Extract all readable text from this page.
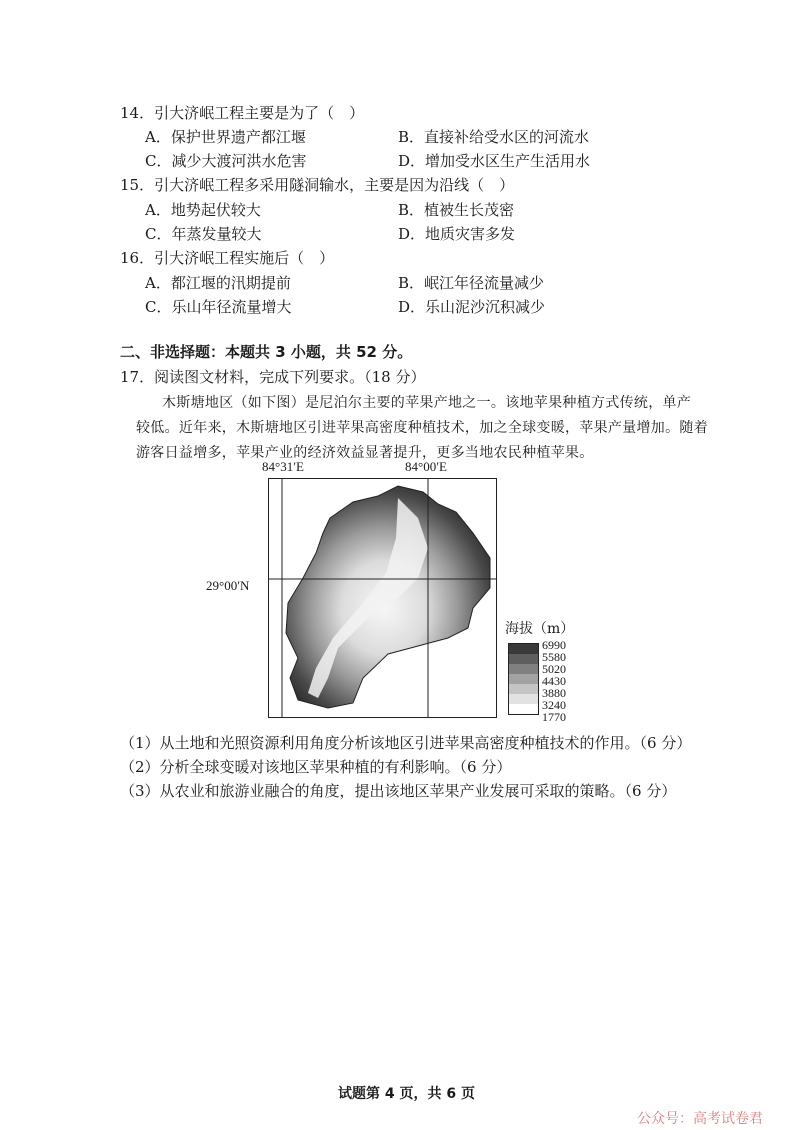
14．引大济岷工程主要是为了（　）
A．保护世界遗产都江堰	B．直接补给受水区的河流水
C．减少大渡河洪水危害	D．增加受水区生产生活用水
15．引大济岷工程多采用隧洞输水，主要是因为沿线（　）
A．地势起伏较大	B．植被生长茂密
C．年蒸发量较大	D．地质灾害多发
16．引大济岷工程实施后（　）
A．都江堰的汛期提前	B．岷江年径流量减少
C．乐山年径流量增大	D．乐山泥沙沉积减少
二、非选择题：本题共 3 小题，共 52 分。
17．阅读图文材料，完成下列要求。（18 分）
木斯塘地区（如下图）是尼泊尔主要的苹果产地之一。该地苹果种植方式传统，单产
较低。近年来，木斯塘地区引进苹果高密度种植技术，加之全球变暖，苹果产量增加。随着
游客日益增多，苹果产业的经济效益显著提升，更多当地农民种植苹果。
84°31′E	84°00′E
29°00′N
海拔（m）
6990
5580
5020
4430
3880
3240
1770
（1）从土地和光照资源利用角度分析该地区引进苹果高密度种植技术的作用。（6 分）
（2）分析全球变暖对该地区苹果种植的有利影响。（6 分）
（3）从农业和旅游业融合的角度，提出该地区苹果产业发展可采取的策略。（6 分）
试题第 4 页，共 6 页
公众号：高考试卷君
